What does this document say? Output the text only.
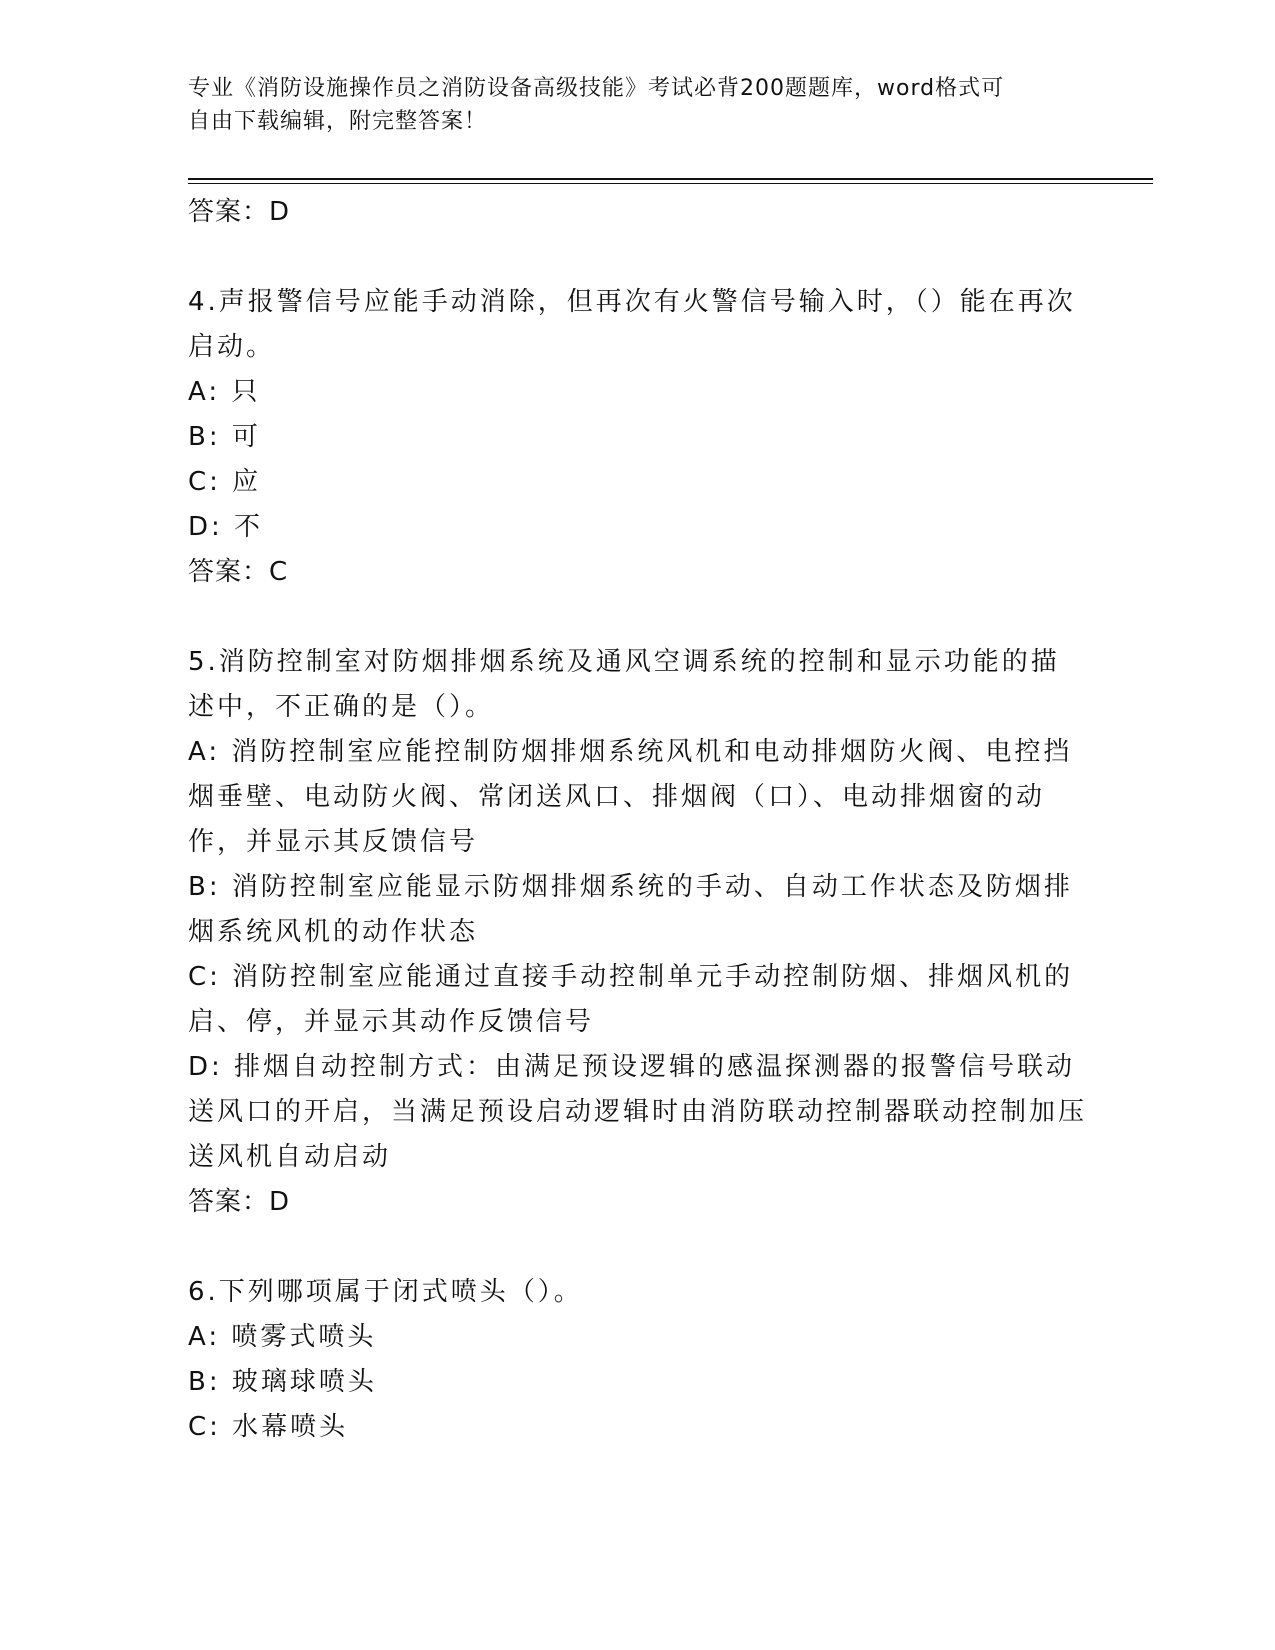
专业《消防设施操作员之消防设备高级技能》考试必背200题题库，word格式可
自由下载编辑，附完整答案！

答案：D

4.声报警信号应能手动消除，但再次有火警信号输入时，（）能在再次启动。

A: 只

B: 可

C: 应

D: 不

答案：C

5.消防控制室对防烟排烟系统及通风空调系统的控制和显示功能的描述中，不正确的是（）。

A: 消防控制室应能控制防烟排烟系统风机和电动排烟防火阀、电控挡烟垂壁、电动防火阀、常闭送风口、排烟阀（口）、电动排烟窗的动作，并显示其反馈信号

B: 消防控制室应能显示防烟排烟系统的手动、自动工作状态及防烟排烟系统风机的动作状态

C: 消防控制室应能通过直接手动控制单元手动控制防烟、排烟风机的启、停，并显示其动作反馈信号

D: 排烟自动控制方式：由满足预设逻辑的感温探测器的报警信号联动送风口的开启，当满足预设启动逻辑时由消防联动控制器联动控制加压送风机自动启动

答案：D

6.下列哪项属于闭式喷头（）。

A: 喷雾式喷头

B: 玻璃球喷头

C: 水幕喷头
